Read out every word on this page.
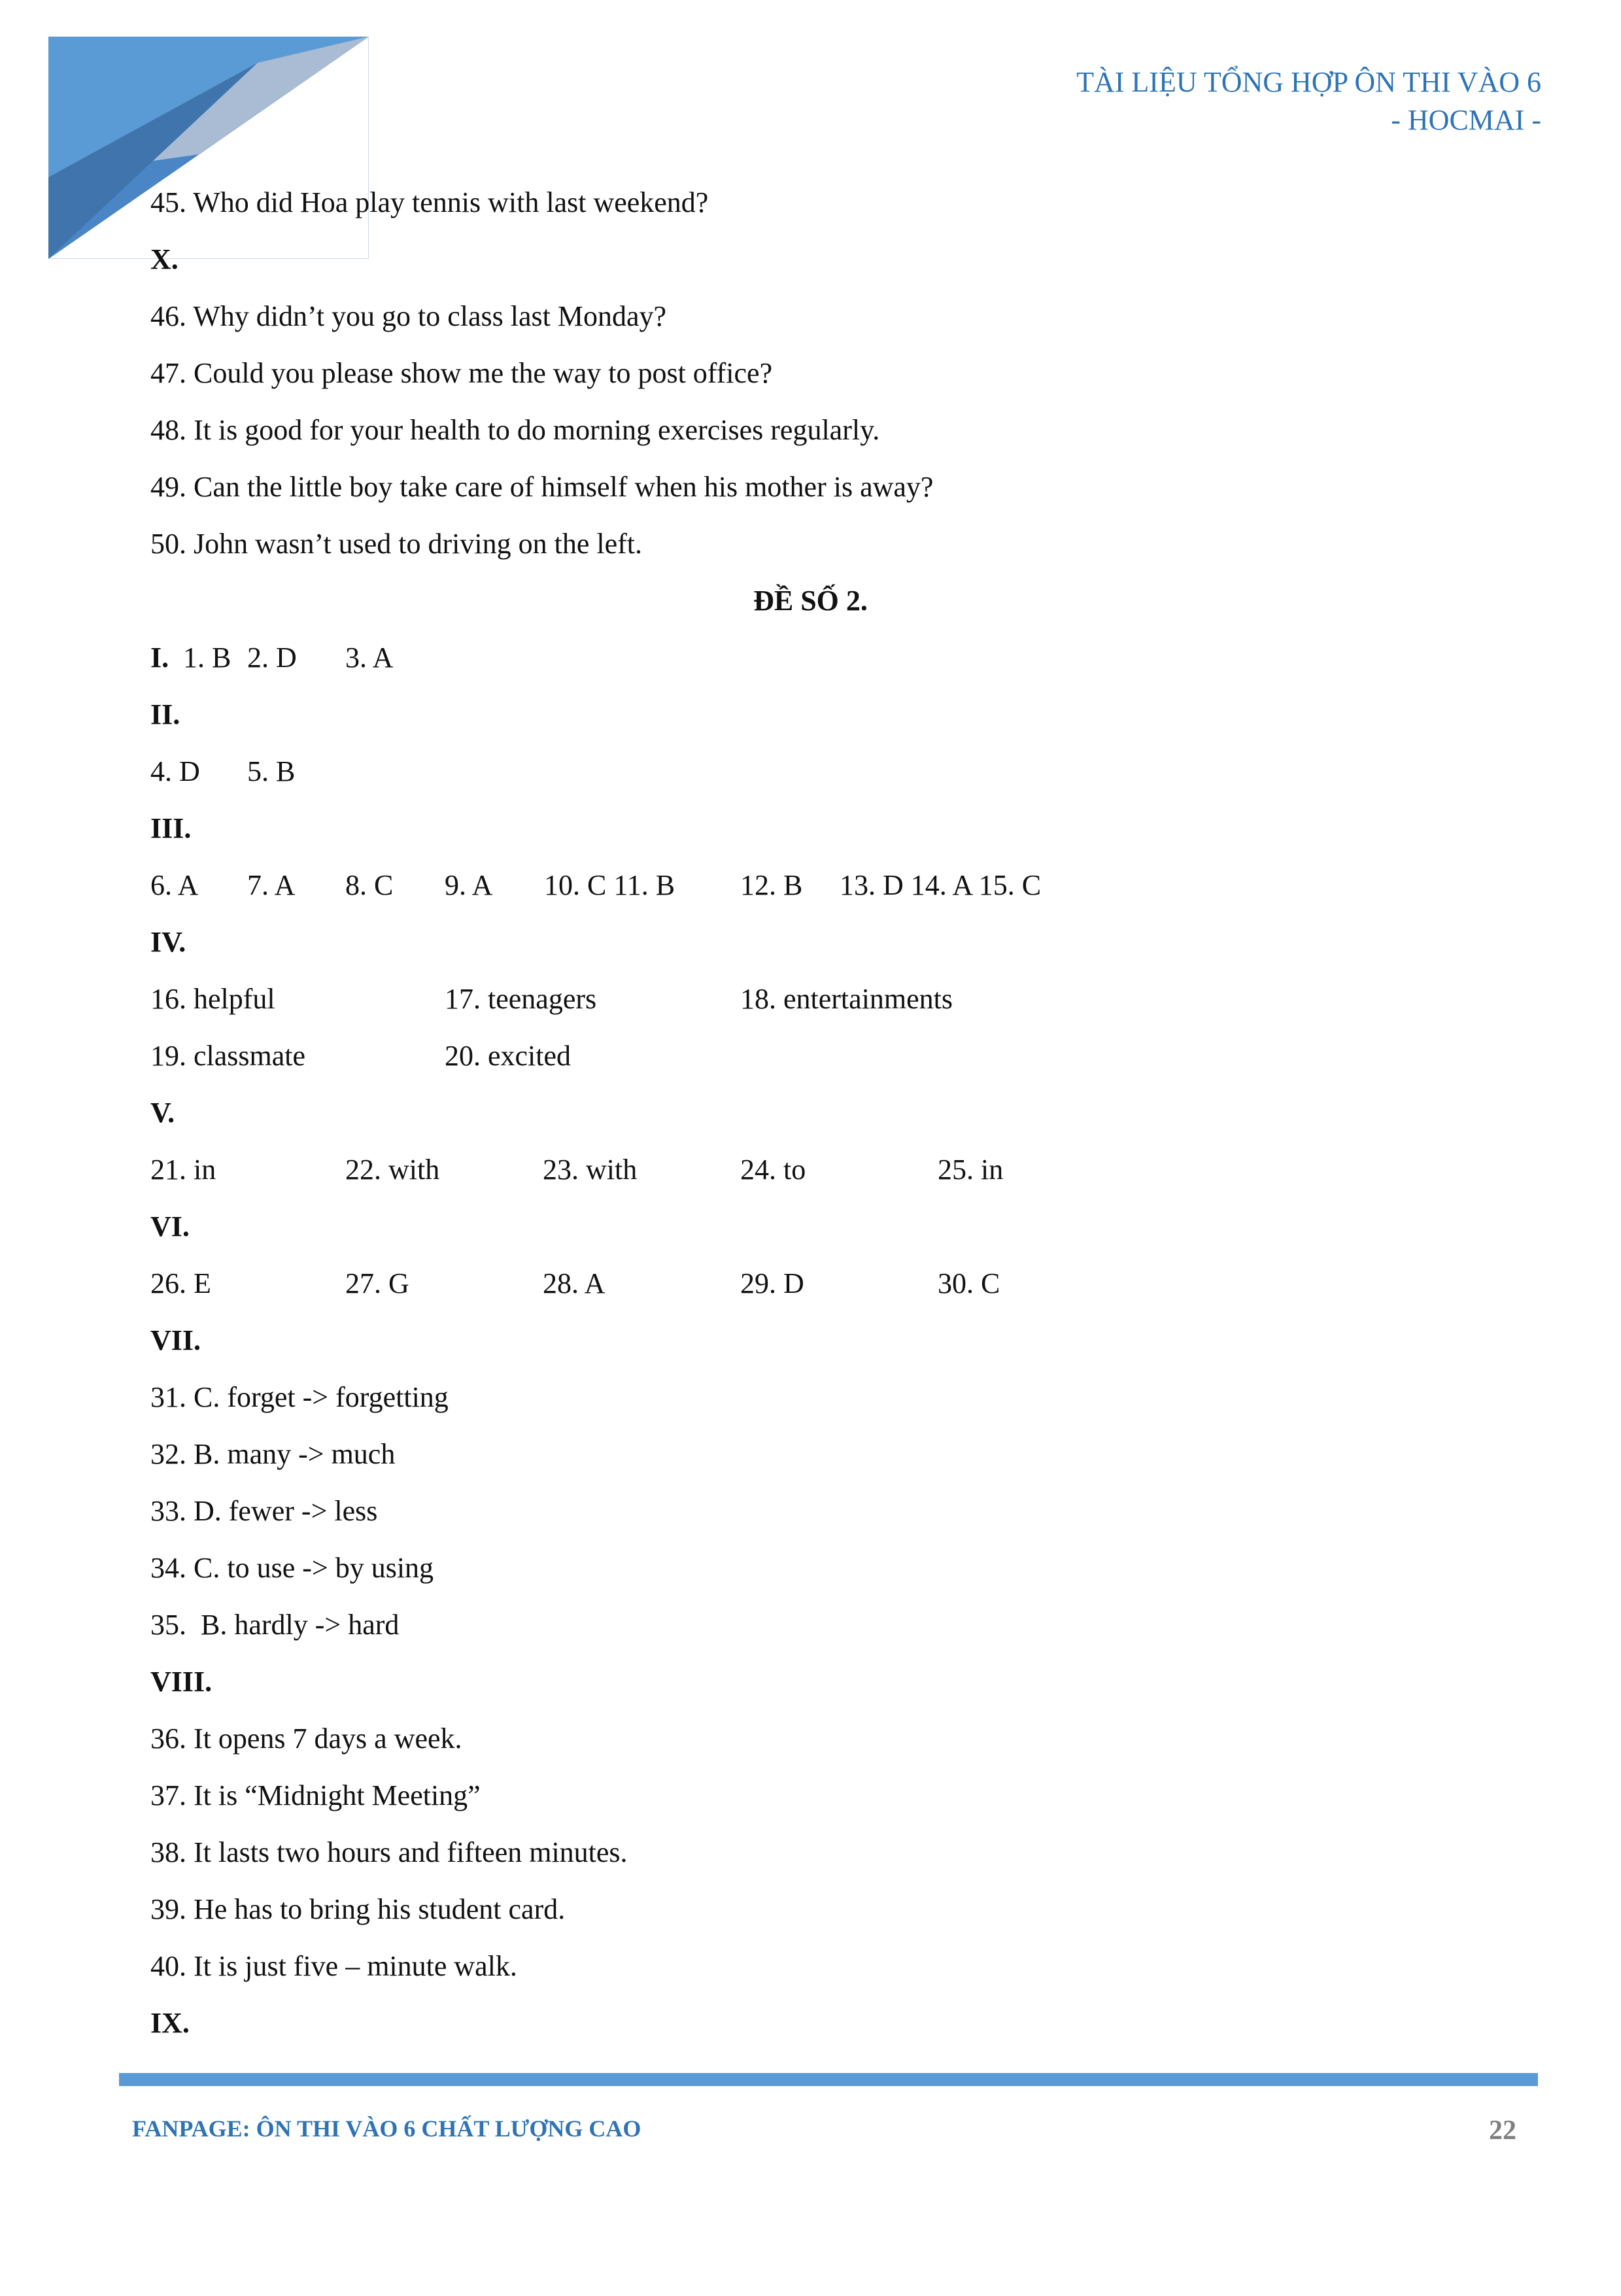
TÀI LIỆU TỔNG HỢP ÔN THI VÀO 6
- HOCMAI -
45. Who did Hoa play tennis with last weekend?
X.
46. Why didn’t you go to class last Monday?
47. Could you please show me the way to post office?
48. It is good for your health to do morning exercises regularly.
49. Can the little boy take care of himself when his mother is away?
50. John wasn’t used to driving on the left.
ĐỀ SỐ 2.
I. 1. B 2. D 3. A
II.
4. D 5. B
III.
6. A 7. A 8. C 9. A 10. C 11. B 12. B 13. D 14. A 15. C
IV.
16. helpful	17. teenagers	18. entertainments
19. classmate	20. excited
V.
21. in	22. with	23. with	24. to	25. in
VI.
26. E	27. G	28. A	29. D	30. C
VII.
31. C. forget -> forgetting
32. B. many -> much
33. D. fewer -> less
34. C. to use -> by using
35.  B. hardly -> hard
VIII.
36. It opens 7 days a week.
37. It is “Midnight Meeting”
38. It lasts two hours and fifteen minutes.
39. He has to bring his student card.
40. It is just five – minute walk.
IX.
FANPAGE: ÔN THI VÀO 6 CHẤT LƯỢNG CAO	22
